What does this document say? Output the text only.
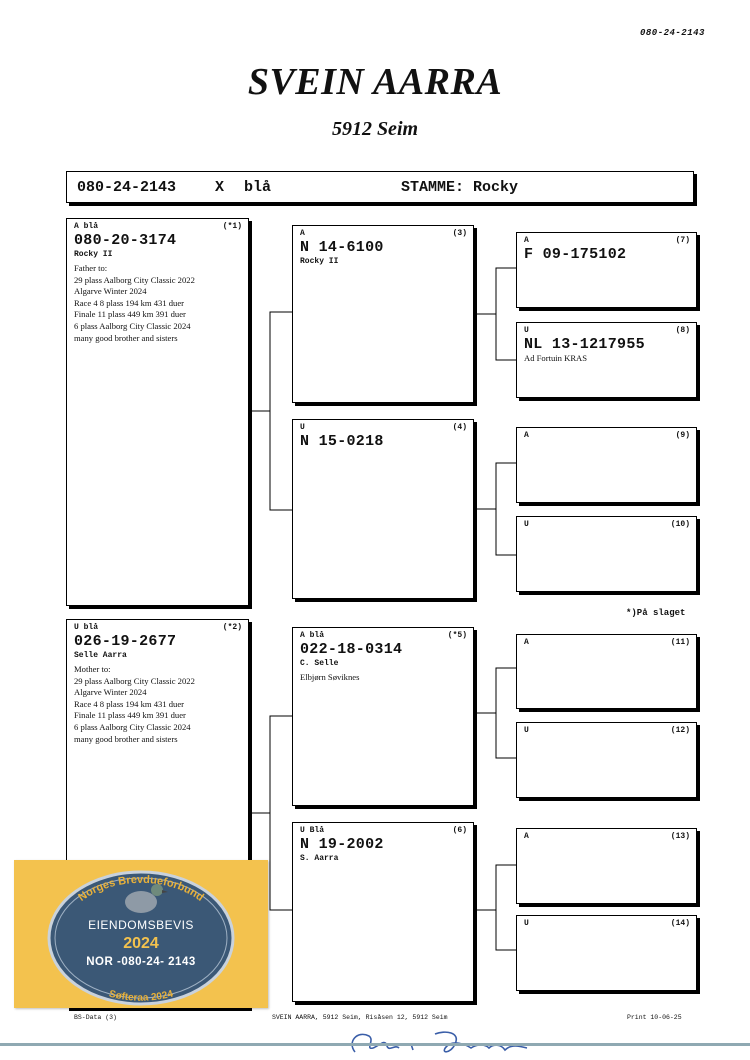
080-24-2143
SVEIN AARRA
5912 Seim
080-24-2143	X blå	STAMME: Rocky
A blå	(*1)
080-20-3174
Rocky II
Father to:
29 plass Aalborg City Classic 2022
Algarve Winter 2024
Race 4 8 plass 194 km 431 duer
Finale 11 plass 449 km 391 duer
6 plass Aalborg City Classic 2024
many good brother and sisters
U blå	(*2)
026-19-2677
Selle Aarra
Mother to:
29 plass Aalborg City Classic 2022
Algarve Winter 2024
Race 4 8 plass 194 km 431 duer
Finale 11 plass 449 km 391 duer
6 plass Aalborg City Classic 2024
many good brother and sisters
A	(3)
N 14-6100
Rocky II
U	(4)
N 15-0218
A blå	(*5)
022-18-0314
C. Selle
Elbjørn Søviknes
U Blå	(6)
N 19-2002
S. Aarra
A	(7)
F 09-175102
U	(8)
NL 13-1217955
Ad Fortuin KRAS
A	(9)
U	(10)
A	(11)
U	(12)
A	(13)
U	(14)
*)På slaget
BS-Data (3)	SVEIN AARRA, 5912 Seim, Risåsen 12, 5912 Seim	Print 10-06-25
Norges Brevdueforbund
Søfteraa 2024
EIENDOMSBEVIS
2024
NOR -080-24- 2143
